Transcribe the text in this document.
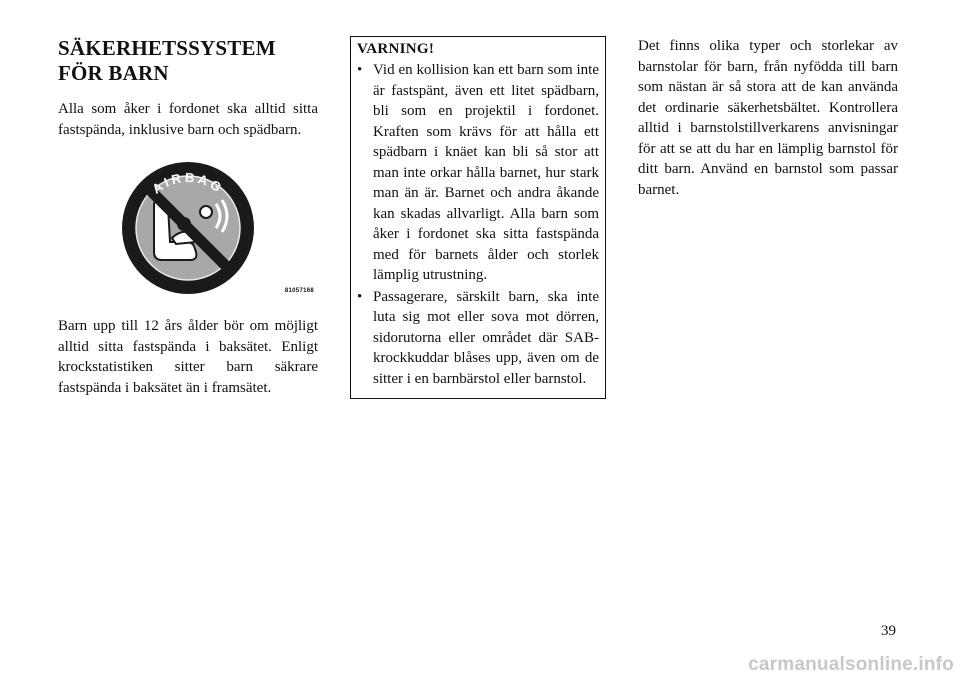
SÄKERHETSSYSTEM FÖR BARN

Alla som åker i fordonet ska alltid sitta fastspända, inklusive barn och spädbarn.

AIRBAG
81057168

Barn upp till 12 års ålder bör om möjligt alltid sitta fastspända i baksätet. Enligt krockstatistiken sitter barn säkrare fastspända i baksätet än i framsätet.

VARNING!
• Vid en kollision kan ett barn som inte är fastspänt, även ett litet spädbarn, bli som en projektil i fordonet. Kraften som krävs för att hålla ett spädbarn i knäet kan bli så stor att man inte orkar hålla barnet, hur stark man än är. Barnet och andra åkande kan skadas allvarligt. Alla barn som åker i fordonet ska sitta fastspända med för barnets ålder och storlek lämplig utrustning.
• Passagerare, särskilt barn, ska inte luta sig mot eller sova mot dörren, sidorutorna eller området där SAB-krockkuddar blåses upp, även om de sitter i en barnbärstol eller barnstol.

Det finns olika typer och storlekar av barnstolar för barn, från nyfödda till barn som nästan är så stora att de kan använda det ordinarie säkerhetsbältet. Kontrollera alltid i barnstolstillverkarens anvisningar för att se att du har en lämplig barnstol för ditt barn. Använd en barnstol som passar barnet.

39
carmanualsonline.info
